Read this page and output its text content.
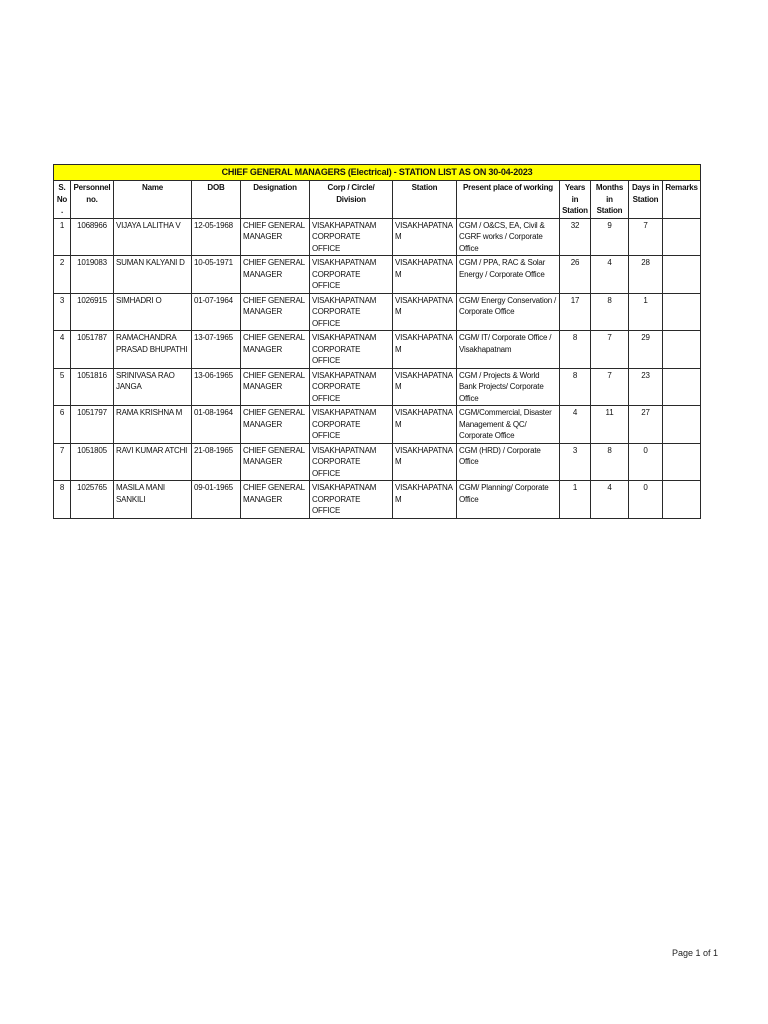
CHIEF GENERAL MANAGERS (Electrical) - STATION LIST AS ON 30-04-2023											
S. No.	Personnel no.	Name	DOB	Designation	Corp / Circle/ Division	Station	Present place of working	Years in Station	Months in Station	Days in Station	Remarks
1	1068966	VIJAYA LALITHA V	12-05-1968	CHIEF GENERAL MANAGER	VISAKHAPATNAM CORPORATE OFFICE	VISAKHAPATNAM	CGM / O&CS, EA, Civil & CGRF works / Corporate Office	32	9	7	
2	1019083	SUMAN KALYANI D	10-05-1971	CHIEF GENERAL MANAGER	VISAKHAPATNAM CORPORATE OFFICE	VISAKHAPATNAM	CGM / PPA, RAC & Solar Energy / Corporate Office	26	4	28	
3	1026915	SIMHADRI O	01-07-1964	CHIEF GENERAL MANAGER	VISAKHAPATNAM CORPORATE OFFICE	VISAKHAPATNAM	CGM/ Energy Conservation / Corporate Office	17	8	1	
4	1051787	RAMACHANDRA PRASAD BHUPATHI	13-07-1965	CHIEF GENERAL MANAGER	VISAKHAPATNAM CORPORATE OFFICE	VISAKHAPATNAM	CGM/ IT/ Corporate Office / Visakhapatnam	8	7	29	
5	1051816	SRINIVASA RAO JANGA	13-06-1965	CHIEF GENERAL MANAGER	VISAKHAPATNAM CORPORATE OFFICE	VISAKHAPATNAM	CGM / Projects & World Bank Projects/ Corporate Office	8	7	23	
6	1051797	RAMA KRISHNA M	01-08-1964	CHIEF GENERAL MANAGER	VISAKHAPATNAM CORPORATE OFFICE	VISAKHAPATNAM	CGM/Commercial, Disaster Management & QC/ Corporate Office	4	11	27	
7	1051805	RAVI KUMAR ATCHI	21-08-1965	CHIEF GENERAL MANAGER	VISAKHAPATNAM CORPORATE OFFICE	VISAKHAPATNAM	CGM (HRD) / Corporate Office	3	8	0	
8	1025765	MASILA MANI SANKILI	09-01-1965	CHIEF GENERAL MANAGER	VISAKHAPATNAM CORPORATE OFFICE	VISAKHAPATNAM	CGM/ Planning/ Corporate Office	1	4	0	
Page 1 of 1
